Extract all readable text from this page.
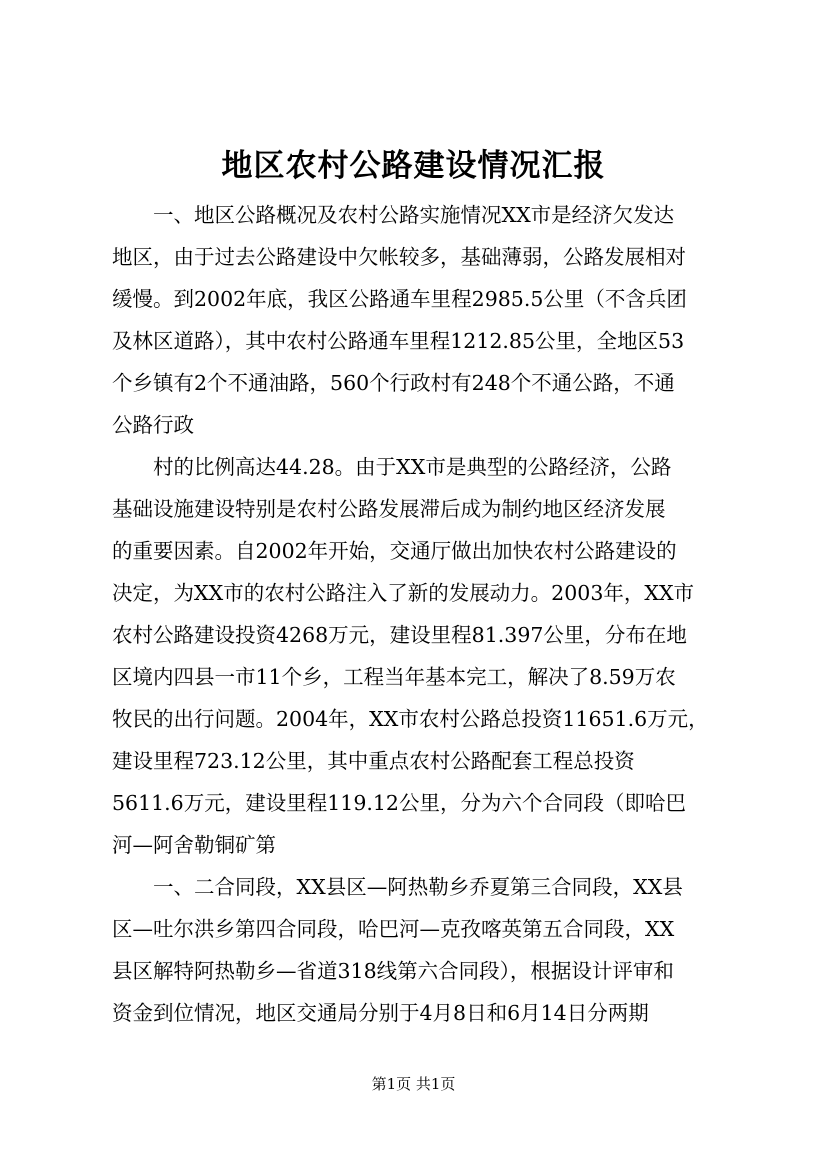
地区农村公路建设情况汇报
　　一、地区公路概况及农村公路实施情况XX市是经济欠发达
地区，由于过去公路建设中欠帐较多，基础薄弱，公路发展相对
缓慢。到2002年底，我区公路通车里程2985.5公里（不含兵团
及林区道路），其中农村公路通车里程1212.85公里，全地区53
个乡镇有2个不通油路，560个行政村有248个不通公路，不通
公路行政
　　村的比例高达44.28。由于XX市是典型的公路经济，公路
基础设施建设特别是农村公路发展滞后成为制约地区经济发展
的重要因素。自2002年开始，交通厅做出加快农村公路建设的
决定，为XX市的农村公路注入了新的发展动力。2003年，XX市
农村公路建设投资4268万元，建设里程81.397公里，分布在地
区境内四县一市11个乡，工程当年基本完工，解决了8.59万农
牧民的出行问题。2004年，XX市农村公路总投资11651.6万元，
建设里程723.12公里，其中重点农村公路配套工程总投资
5611.6万元，建设里程119.12公里，分为六个合同段（即哈巴
河—阿舍勒铜矿第
　　一、二合同段，XX县区—阿热勒乡乔夏第三合同段，XX县
区—吐尔洪乡第四合同段，哈巴河—克孜喀英第五合同段，XX
县区解特阿热勒乡—省道318线第六合同段），根据设计评审和
资金到位情况，地区交通局分别于4月8日和6月14日分两期
第1页 共1页
